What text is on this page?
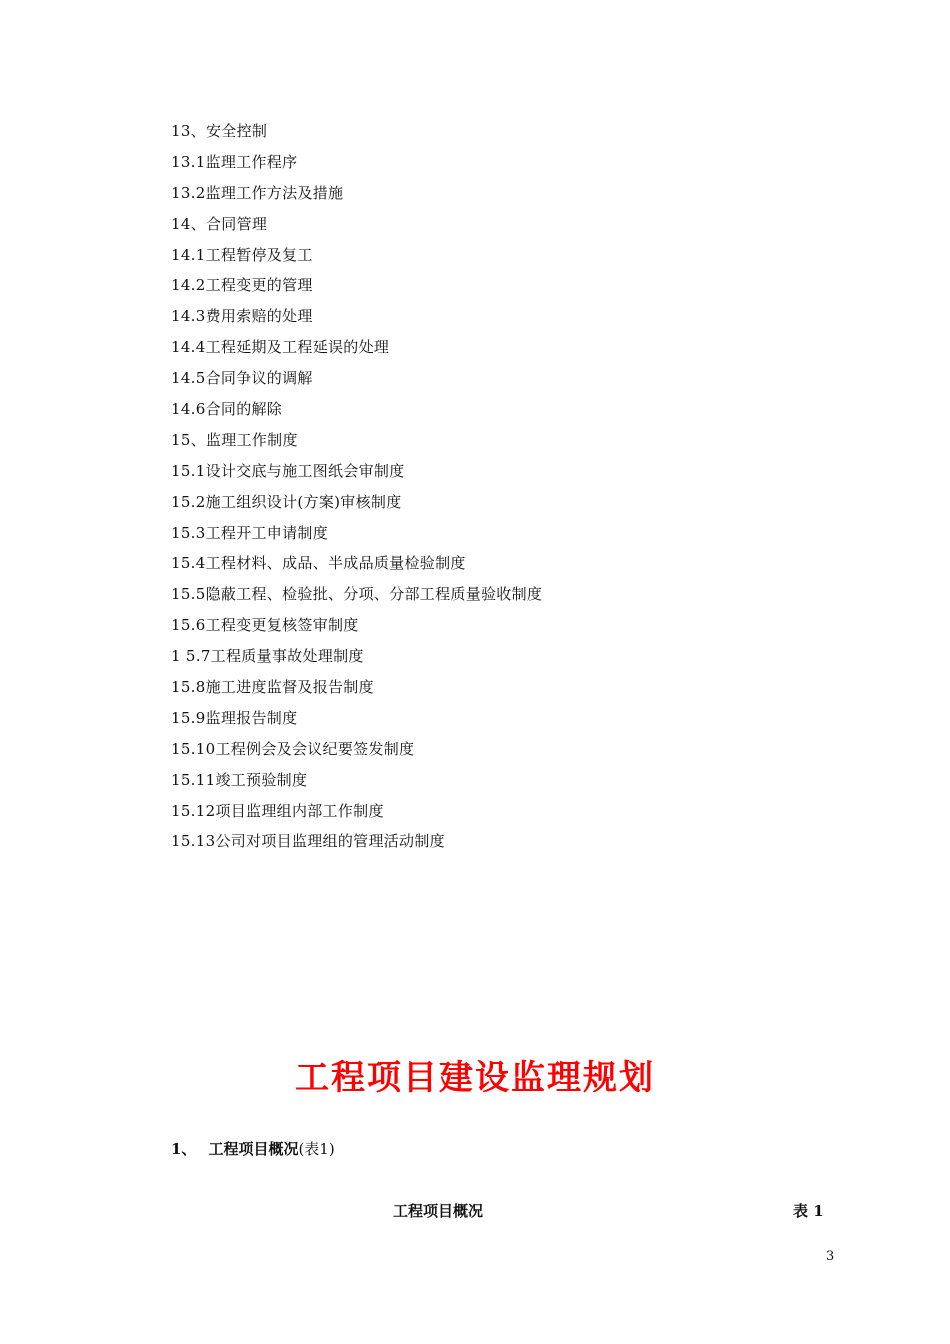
13、安全控制
13.1监理工作程序
13.2监理工作方法及措施
14、合同管理
14.1工程暂停及复工
14.2工程变更的管理
14.3费用索赔的处理
14.4工程延期及工程延误的处理
14.5合同争议的调解
14.6合同的解除
15、监理工作制度
15.1设计交底与施工图纸会审制度
15.2施工组织设计(方案)审核制度
15.3工程开工申请制度
15.4工程材料、成品、半成品质量检验制度
15.5隐蔽工程、检验批、分项、分部工程质量验收制度
15.6工程变更复核签审制度
1 5.7工程质量事故处理制度
15.8施工进度监督及报告制度
15.9监理报告制度
15.10工程例会及会议纪要签发制度
15.11竣工预验制度
15.12项目监理组内部工作制度
15.13公司对项目监理组的管理活动制度
工程项目建设监理规划
1、 工程项目概况(表1)
工程项目概况	表 1
3
